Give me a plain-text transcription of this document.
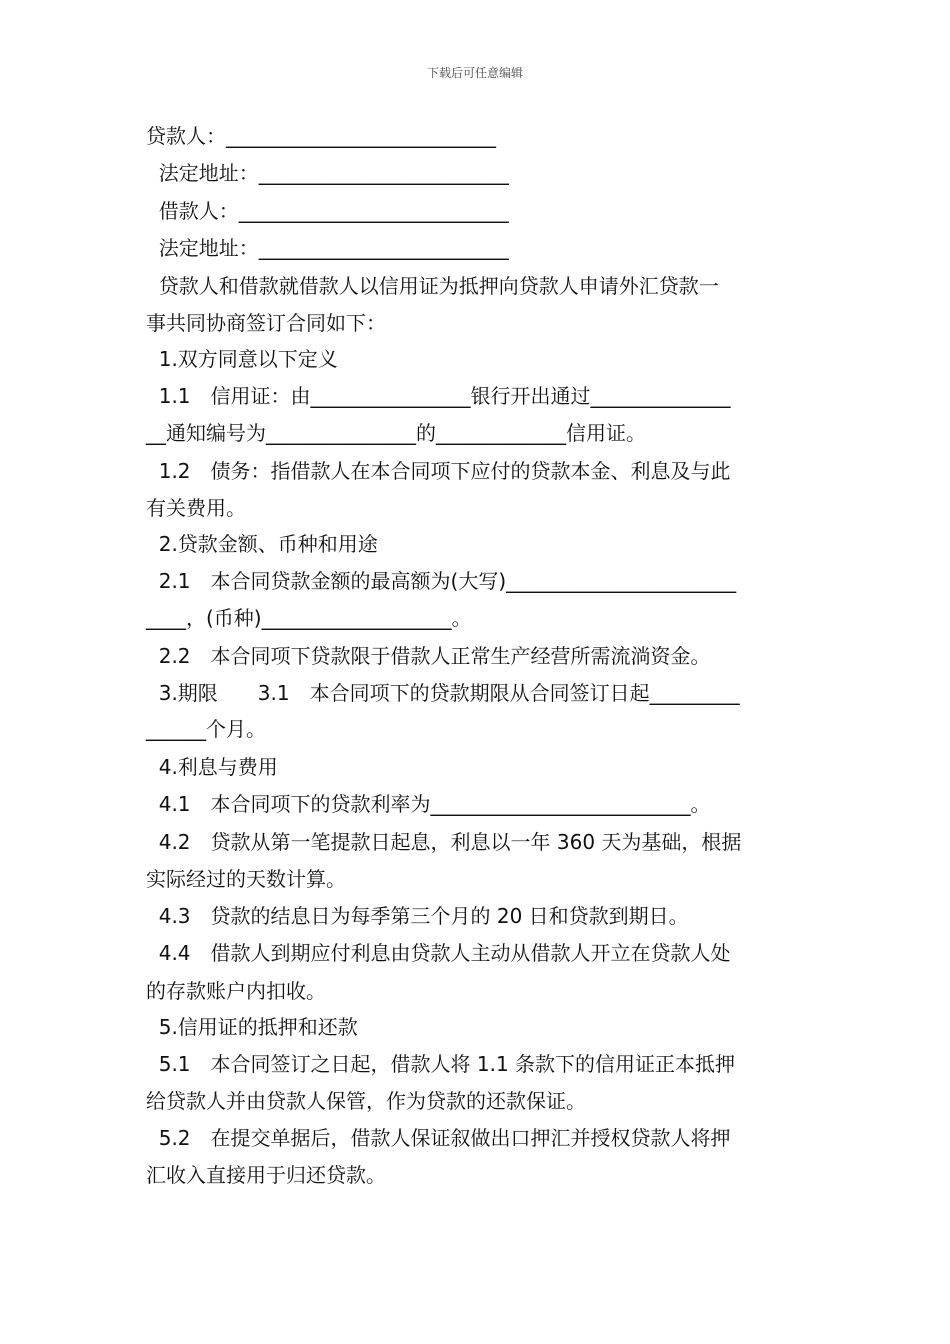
下载后可任意编辑
贷款人：___________________________
法定地址：_________________________
借款人：___________________________
法定地址：_________________________
贷款人和借款就借款人以信用证为抵押向贷款人申请外汇贷款一
事共同协商签订合同如下：
1.双方同意以下定义
1.1　信用证：由________________银行开出通过______________
__通知编号为_______________的_____________信用证。
1.2　债务：指借款人在本合同项下应付的贷款本金、利息及与此
有关费用。
2.贷款金额、币种和用途
2.1　本合同贷款金额的最高额为(大写)_______________________
____，(币种)___________________。
2.2　本合同项下贷款限于借款人正常生产经营所需流淌资金。
3.期限　　3.1　本合同项下的贷款期限从合同签订日起_________
______个月。
4.利息与费用
4.1　本合同项下的贷款利率为__________________________。
4.2　贷款从第一笔提款日起息，利息以一年 360 天为基础，根据
实际经过的天数计算。
4.3　贷款的结息日为每季第三个月的 20 日和贷款到期日。
4.4　借款人到期应付利息由贷款人主动从借款人开立在贷款人处
的存款账户内扣收。
5.信用证的抵押和还款
5.1　本合同签订之日起，借款人将 1.1 条款下的信用证正本抵押
给贷款人并由贷款人保管，作为贷款的还款保证。
5.2　在提交单据后，借款人保证叙做出口押汇并授权贷款人将押
汇收入直接用于归还贷款。
